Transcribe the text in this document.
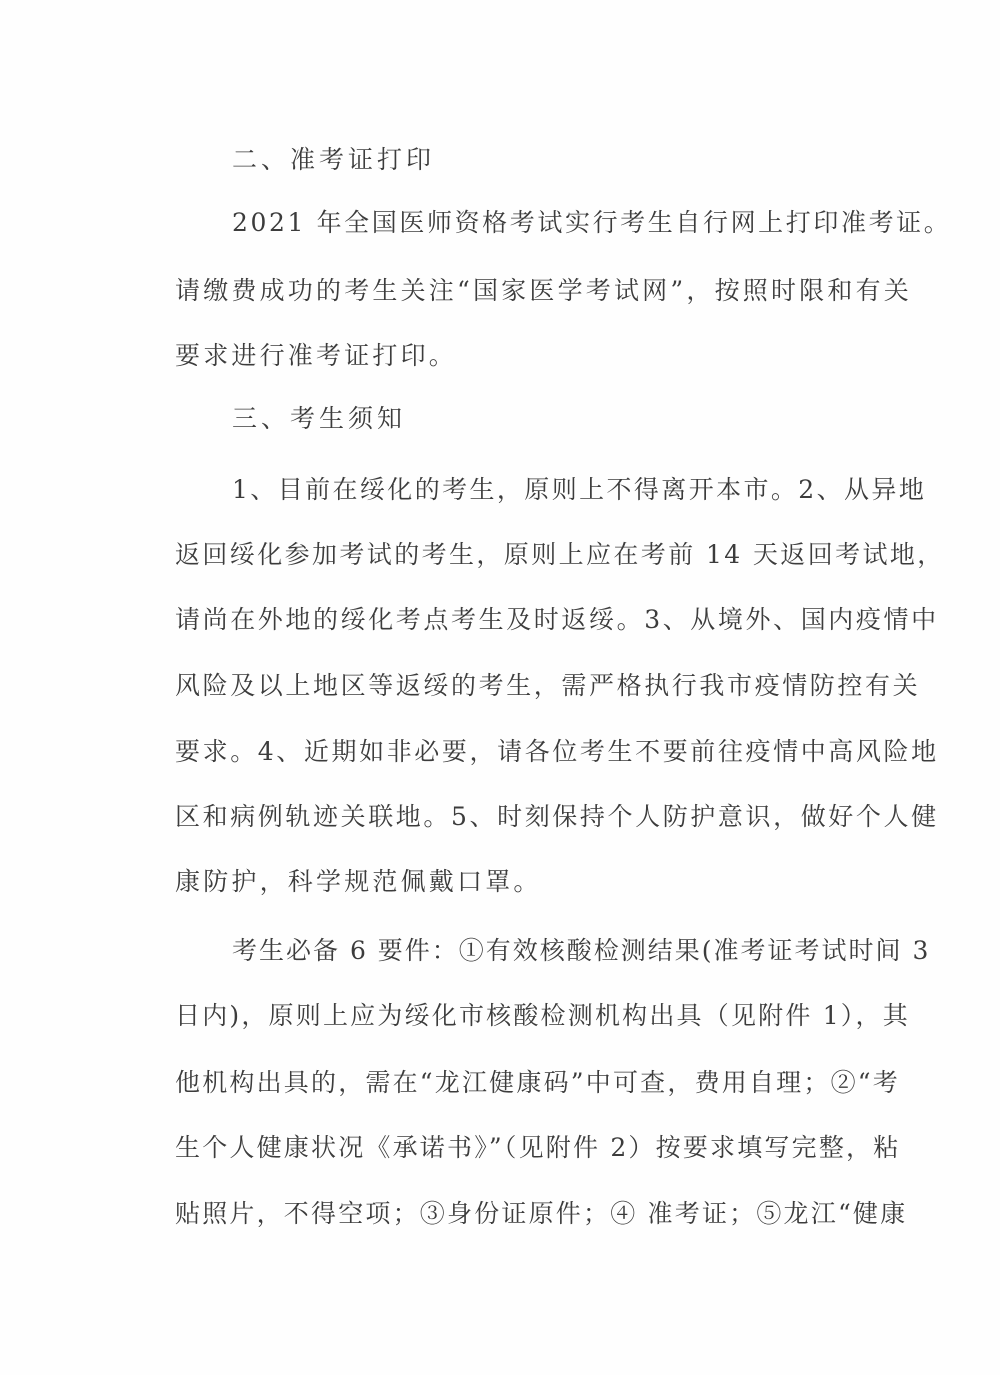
二、准考证打印
2021 年全国医师资格考试实行考生自行网上打印准考证。
请缴费成功的考生关注“国家医学考试网”，按照时限和有关
要求进行准考证打印。
三、考生须知
1、目前在绥化的考生，原则上不得离开本市。2、从异地
返回绥化参加考试的考生，原则上应在考前 14 天返回考试地，
请尚在外地的绥化考点考生及时返绥。3、从境外、国内疫情中
风险及以上地区等返绥的考生，需严格执行我市疫情防控有关
要求。4、近期如非必要，请各位考生不要前往疫情中高风险地
区和病例轨迹关联地。5、时刻保持个人防护意识，做好个人健
康防护，科学规范佩戴口罩。
考生必备 6 要件：①有效核酸检测结果(准考证考试时间 3
日内)，原则上应为绥化市核酸检测机构出具（见附件 1），其
他机构出具的，需在“龙江健康码”中可查，费用自理；②“考
生个人健康状况《承诺书》”（见附件 2）按要求填写完整，粘
贴照片，不得空项；③身份证原件；④ 准考证；⑤龙江“健康
